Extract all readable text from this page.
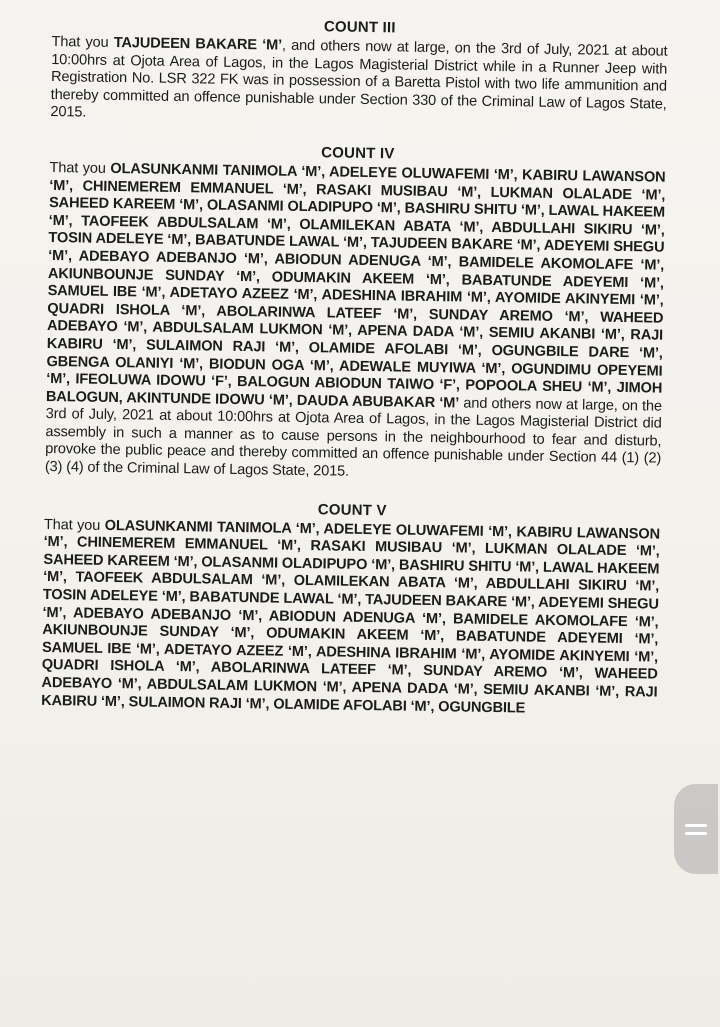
COUNT III

That you TAJUDEEN BAKARE ‘M’, and others now at large, on the 3rd of July, 2021 at about 10:00hrs at Ojota Area of Lagos, in the Lagos Magisterial District while in a Runner Jeep with Registration No. LSR 322 FK was in possession of a Baretta Pistol with two life ammunition and thereby committed an offence punishable under Section 330 of the Criminal Law of Lagos State, 2015.

COUNT IV

That you OLASUNKANMI TANIMOLA ‘M’, ADELEYE OLUWAFEMI ‘M’, KABIRU LAWANSON ‘M’, CHINEMEREM EMMANUEL ‘M’, RASAKI MUSIBAU ‘M’, LUKMAN OLALADE ‘M’, SAHEED KAREEM ‘M’, OLASANMI OLADIPUPO ‘M’, BASHIRU SHITU ‘M’, LAWAL HAKEEM ‘M’, TAOFEEK ABDULSALAM ‘M’, OLAMILEKAN ABATA ‘M’, ABDULLAHI SIKIRU ‘M’, TOSIN ADELEYE ‘M’, BABATUNDE LAWAL ‘M’, TAJUDEEN BAKARE ‘M’, ADEYEMI SHEGU ‘M’, ADEBAYO ADEBANJO ‘M’, ABIODUN ADENUGA ‘M’, BAMIDELE AKOMOLAFE ‘M’, AKIUNBOUNJE SUNDAY ‘M’, ODUMAKIN AKEEM ‘M’, BABATUNDE ADEYEMI ‘M’, SAMUEL IBE ‘M’, ADETAYO AZEEZ ‘M’, ADESHINA IBRAHIM ‘M’, AYOMIDE AKINYEMI ‘M’, QUADRI ISHOLA ‘M’, ABOLARINWA LATEEF ‘M’, SUNDAY AREMO ‘M’, WAHEED ADEBAYO ‘M’, ABDULSALAM LUKMON ‘M’, APENA DADA ‘M’, SEMIU AKANBI ‘M’, RAJI KABIRU ‘M’, SULAIMON RAJI ‘M’, OLAMIDE AFOLABI ‘M’, OGUNGBILE DARE ‘M’, GBENGA OLANIYI ‘M’, BIODUN OGA ‘M’, ADEWALE MUYIWA ‘M’, OGUNDIMU OPEYEMI ‘M’, IFEOLUWA IDOWU ‘F’, BALOGUN ABIODUN TAIWO ‘F’, POPOOLA SHEU ‘M’, JIMOH BALOGUN, AKINTUNDE IDOWU ‘M’, DAUDA ABUBAKAR ‘M’ and others now at large, on the 3rd of July, 2021 at about 10:00hrs at Ojota Area of Lagos, in the Lagos Magisterial District did assembly in such a manner as to cause persons in the neighbourhood to fear and disturb, provoke the public peace and thereby committed an offence punishable under Section 44 (1) (2) (3) (4) of the Criminal Law of Lagos State, 2015.

COUNT V

That you OLASUNKANMI TANIMOLA ‘M’, ADELEYE OLUWAFEMI ‘M’, KABIRU LAWANSON ‘M’, CHINEMEREM EMMANUEL ‘M’, RASAKI MUSIBAU ‘M’, LUKMAN OLALADE ‘M’, SAHEED KAREEM ‘M’, OLASANMI OLADIPUPO ‘M’, BASHIRU SHITU ‘M’, LAWAL HAKEEM ‘M’, TAOFEEK ABDULSALAM ‘M’, OLAMILEKAN ABATA ‘M’, ABDULLAHI SIKIRU ‘M’, TOSIN ADELEYE ‘M’, BABATUNDE LAWAL ‘M’, TAJUDEEN BAKARE ‘M’, ADEYEMI SHEGU ‘M’, ADEBAYO ADEBANJO ‘M’, ABIODUN ADENUGA ‘M’, BAMIDELE AKOMOLAFE ‘M’, AKIUNBOUNJE SUNDAY ‘M’, ODUMAKIN AKEEM ‘M’, BABATUNDE ADEYEMI ‘M’, SAMUEL IBE ‘M’, ADETAYO AZEEZ ‘M’, ADESHINA IBRAHIM ‘M’, AYOMIDE AKINYEMI ‘M’, QUADRI ISHOLA ‘M’, ABOLARINWA LATEEF ‘M’, SUNDAY AREMO ‘M’, WAHEED ADEBAYO ‘M’, ABDULSALAM LUKMON ‘M’, APENA DADA ‘M’, SEMIU AKANBI ‘M’, RAJI KABIRU ‘M’, SULAIMON RAJI ‘M’, OLAMIDE AFOLABI ‘M’, OGUNGBILE
